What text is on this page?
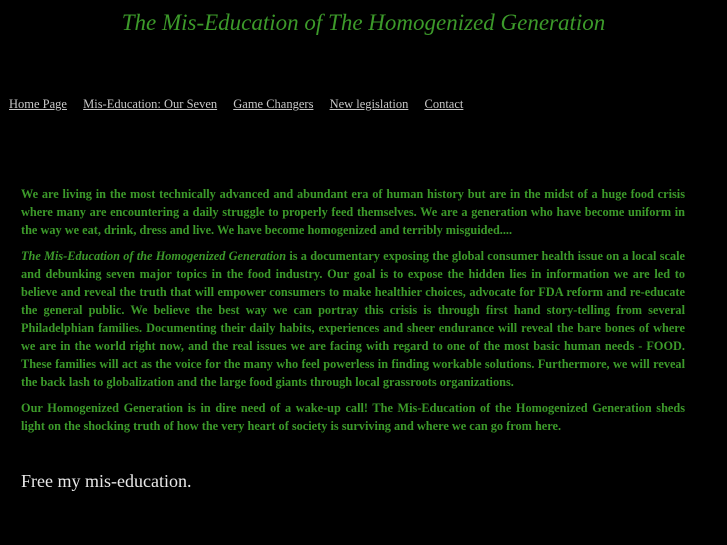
The Mis-Education of The Homogenized Generation
Home Page Mis-Education: Our Seven Game Changers New legislation Contact

We are living in the most technically advanced and abundant era of human history but are in the midst of a huge food crisis where many are encountering a daily struggle to properly feed themselves. We are a generation who have become uniform in the way we eat, drink, dress and live. We have become homogenized and terribly misguided....

The Mis-Education of the Homogenized Generation is a documentary exposing the global consumer health issue on a local scale and debunking seven major topics in the food industry. Our goal is to expose the hidden lies in information we are led to believe and reveal the truth that will empower consumers to make healthier choices, advocate for FDA reform and re-educate the general public. We believe the best way we can portray this crisis is through first hand story-telling from several Philadelphian families. Documenting their daily habits, experiences and sheer endurance will reveal the bare bones of where we are in the world right now, and the real issues we are facing with regard to one of the most basic human needs - FOOD. These families will act as the voice for the many who feel powerless in finding workable solutions. Furthermore, we will reveal the back lash to globalization and the large food giants through local grassroots organizations.

Our Homogenized Generation is in dire need of a wake-up call! The Mis-Education of the Homogenized Generation sheds light on the shocking truth of how the very heart of society is surviving and where we can go from here.

Free my mis-education.
